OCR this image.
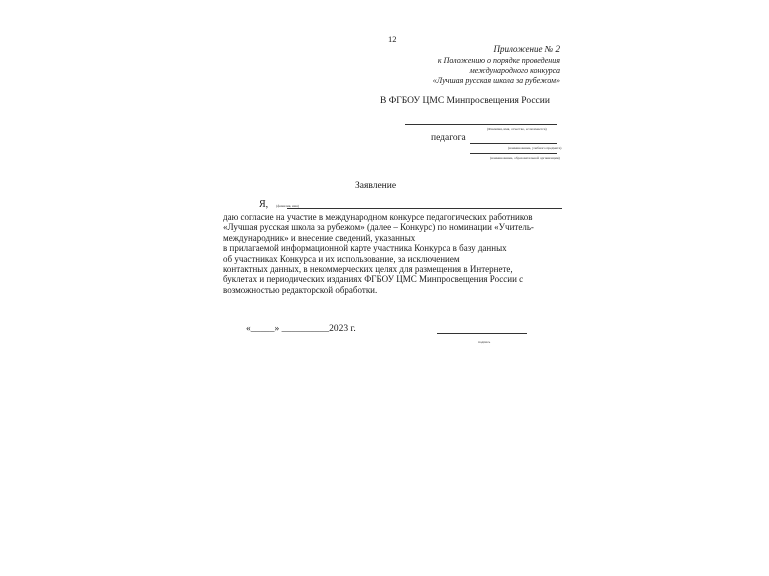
12
Приложение № 2
к Положению о порядке проведения
международного конкурса
«Лучшая русская школа за рубежом»
В ФГБОУ ЦМС Минпросвещения России
(Фамилия, имя, отчество, если имеется)
педагога
(наименование, учебного предмета)
(наименование, образовательной организации)
Заявление
Я, (фамилия, имя)
даю согласие на участие в международном конкурсе педагогических работников
«Лучшая русская школа за рубежом» (далее – Конкурс) по номинации «Учитель-
международник» и внесение сведений, указанных
в прилагаемой информационной карте участника Конкурса в базу данных
об участниках Конкурса и их использование, за исключением
контактных данных, в некоммерческих целях для размещения в Интернете,
буклетах и периодических изданиях ФГБОУ ЦМС Минпросвещения России с
возможностью редакторской обработки.
«_____» __________2023 г.
подпись
